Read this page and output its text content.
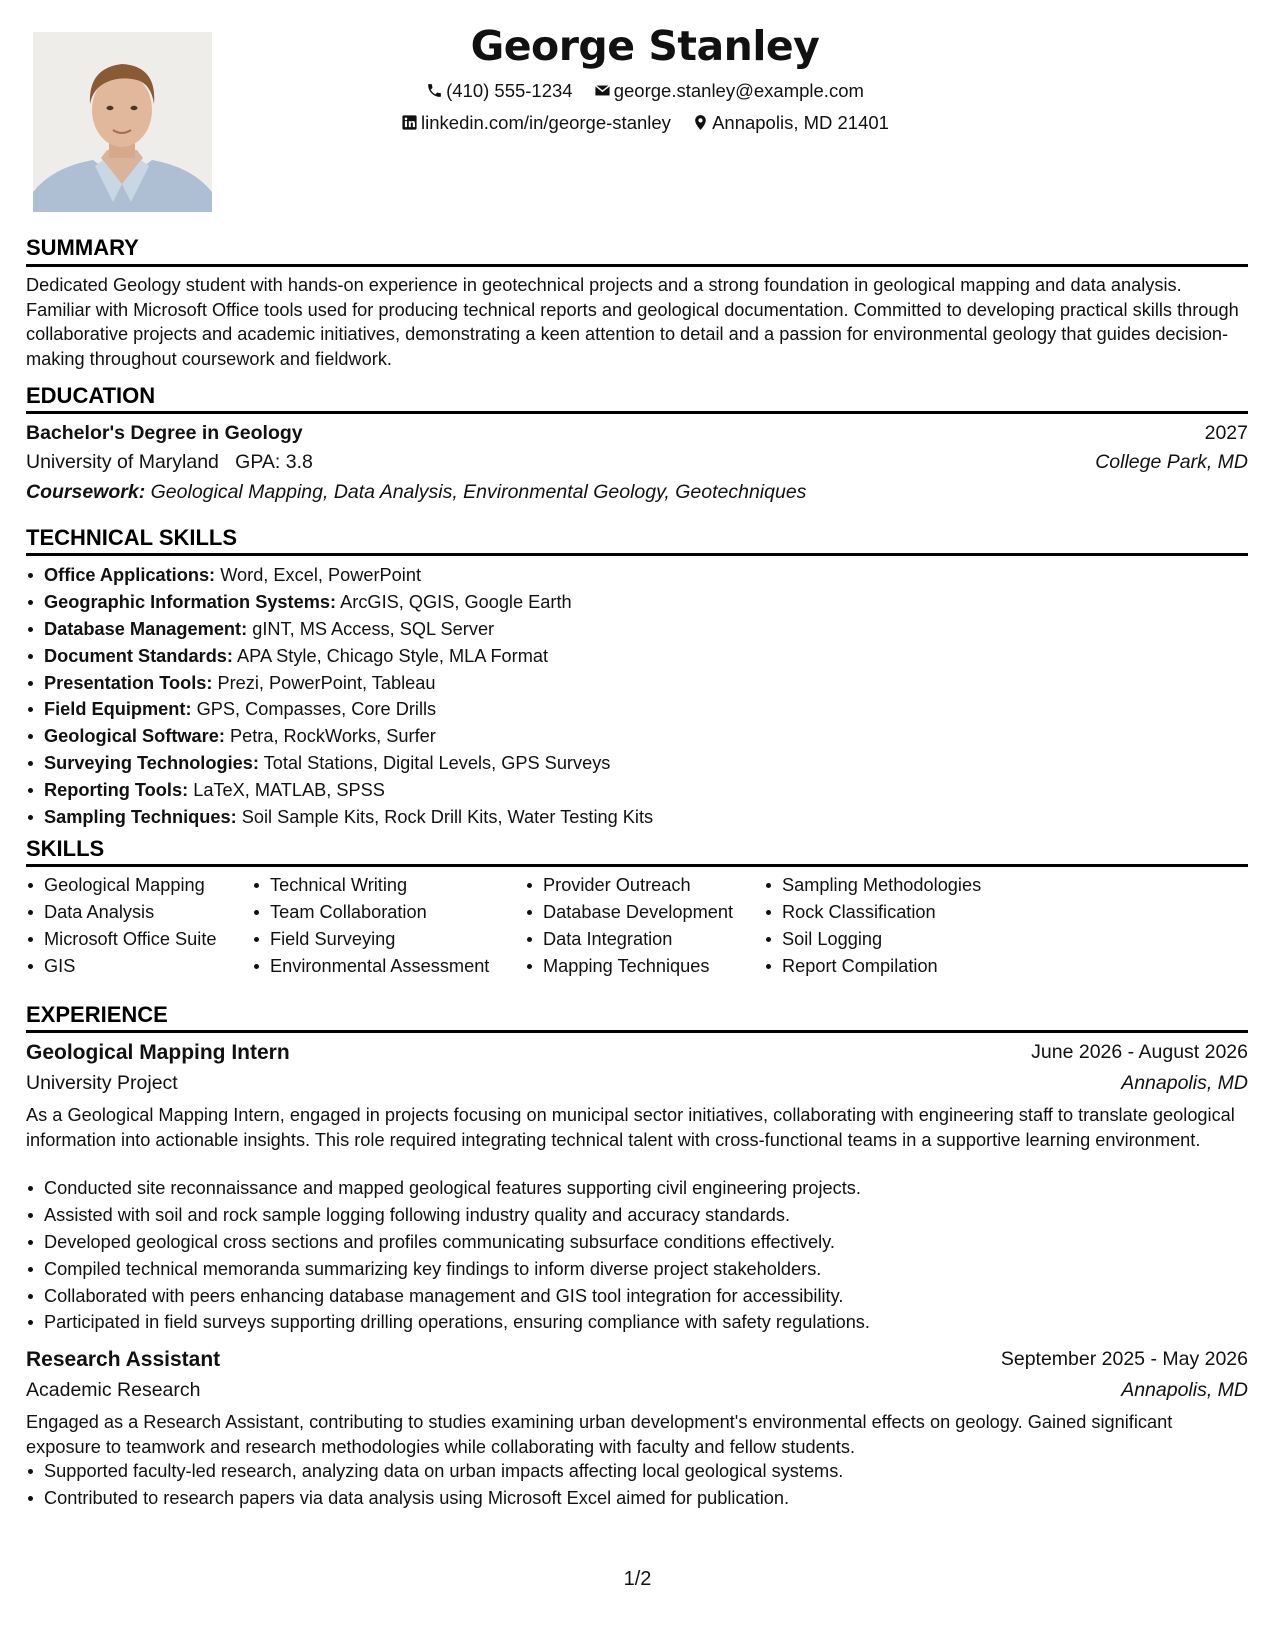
George Stanley
(410) 555-1234 george.stanley@example.com
linkedin.com/in/george-stanley Annapolis, MD 21401
SUMMARY
Dedicated Geology student with hands-on experience in geotechnical projects and a strong foundation in geological mapping and data analysis. Familiar with Microsoft Office tools used for producing technical reports and geological documentation. Committed to developing practical skills through collaborative projects and academic initiatives, demonstrating a keen attention to detail and a passion for environmental geology that guides decision-making throughout coursework and fieldwork.
EDUCATION
Bachelor's Degree in Geology	2027
University of Maryland GPA: 3.8	College Park, MD
Coursework: Geological Mapping, Data Analysis, Environmental Geology, Geotechniques
TECHNICAL SKILLS
Office Applications: Word, Excel, PowerPoint
Geographic Information Systems: ArcGIS, QGIS, Google Earth
Database Management: gINT, MS Access, SQL Server
Document Standards: APA Style, Chicago Style, MLA Format
Presentation Tools: Prezi, PowerPoint, Tableau
Field Equipment: GPS, Compasses, Core Drills
Geological Software: Petra, RockWorks, Surfer
Surveying Technologies: Total Stations, Digital Levels, GPS Surveys
Reporting Tools: LaTeX, MATLAB, SPSS
Sampling Techniques: Soil Sample Kits, Rock Drill Kits, Water Testing Kits
SKILLS
Geological Mapping
Data Analysis
Microsoft Office Suite
GIS
Technical Writing
Team Collaboration
Field Surveying
Environmental Assessment
Provider Outreach
Database Development
Data Integration
Mapping Techniques
Sampling Methodologies
Rock Classification
Soil Logging
Report Compilation
EXPERIENCE
Geological Mapping Intern	June 2026 - August 2026
University Project	Annapolis, MD
As a Geological Mapping Intern, engaged in projects focusing on municipal sector initiatives, collaborating with engineering staff to translate geological information into actionable insights. This role required integrating technical talent with cross-functional teams in a supportive learning environment.
Conducted site reconnaissance and mapped geological features supporting civil engineering projects.
Assisted with soil and rock sample logging following industry quality and accuracy standards.
Developed geological cross sections and profiles communicating subsurface conditions effectively.
Compiled technical memoranda summarizing key findings to inform diverse project stakeholders.
Collaborated with peers enhancing database management and GIS tool integration for accessibility.
Participated in field surveys supporting drilling operations, ensuring compliance with safety regulations.
Research Assistant	September 2025 - May 2026
Academic Research	Annapolis, MD
Engaged as a Research Assistant, contributing to studies examining urban development's environmental effects on geology. Gained significant exposure to teamwork and research methodologies while collaborating with faculty and fellow students.
Supported faculty-led research, analyzing data on urban impacts affecting local geological systems.
Contributed to research papers via data analysis using Microsoft Excel aimed for publication.
1/2
